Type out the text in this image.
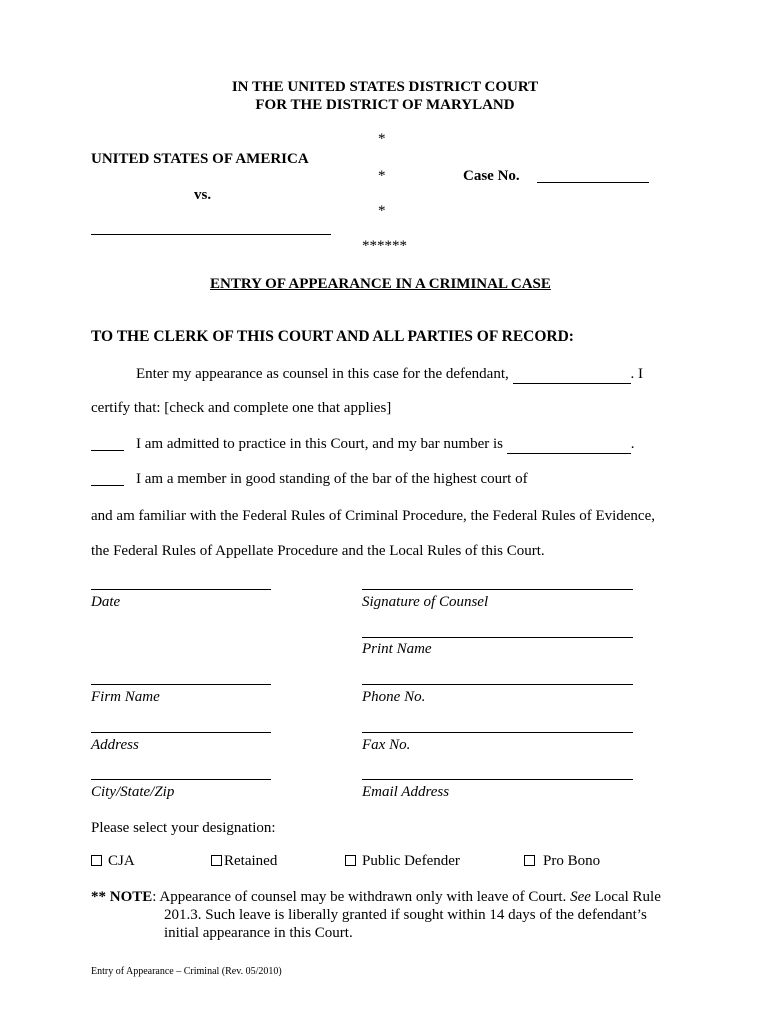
IN THE UNITED STATES DISTRICT COURT
FOR THE DISTRICT OF MARYLAND
*
UNITED STATES OF AMERICA
*	Case No.
vs.
*
******
ENTRY OF APPEARANCE IN A CRIMINAL CASE
TO THE CLERK OF THIS COURT AND ALL PARTIES OF RECORD:
Enter my appearance as counsel in this case for the defendant,	. I
certify that: [check and complete one that applies]
I am admitted to practice in this Court, and my bar number is	.
I am a member in good standing of the bar of the highest court of
and am familiar with the Federal Rules of Criminal Procedure, the Federal Rules of Evidence,
the Federal Rules of Appellate Procedure and the Local Rules of this Court.
Date	Signature of Counsel
Print Name
Firm Name	Phone No.
Address	Fax No.
City/State/Zip	Email Address
Please select your designation:
CJA	Retained	Public Defender	Pro Bono
** NOTE: Appearance of counsel may be withdrawn only with leave of Court. See Local Rule
201.3. Such leave is liberally granted if sought within 14 days of the defendant’s
initial appearance in this Court.
Entry of Appearance – Criminal (Rev. 05/2010)
